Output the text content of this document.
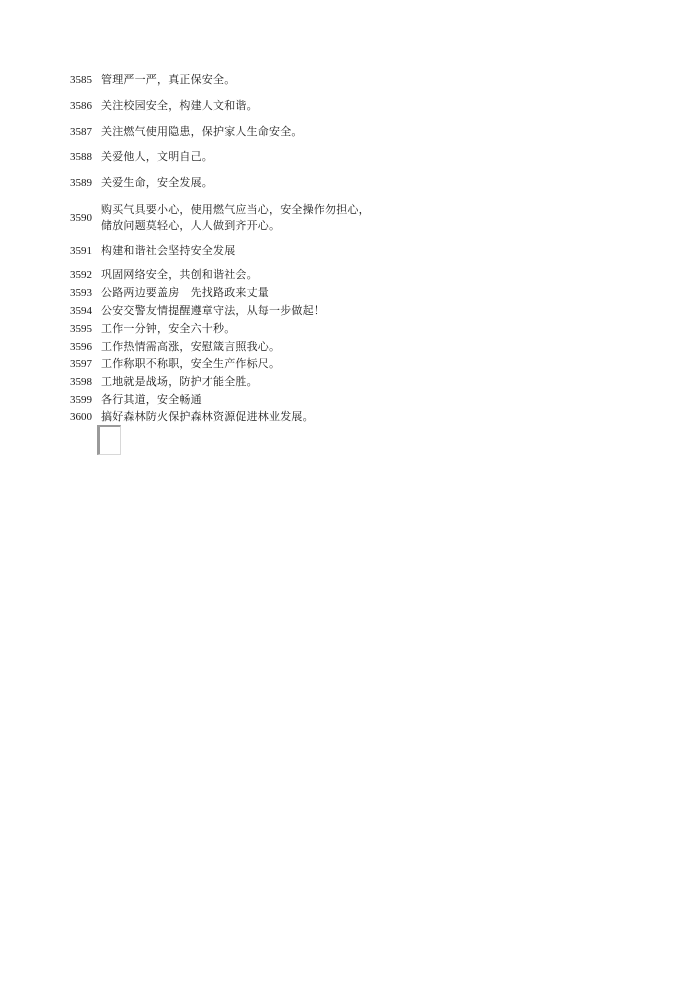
3585 管理严一严，真正保安全。
3586 关注校园安全，构建人文和谐。
3587 关注燃气使用隐患，保护家人生命安全。
3588 关爱他人，文明自己。
3589 关爱生命，安全发展。
3590
购买气具要小心，使用燃气应当心，安全操作勿担心，储放问题莫轻心，人人做到齐开心。
3591 构建和谐社会坚持安全发展
3592 巩固网络安全，共创和谐社会。
3593 公路两边要盖房　先找路政来丈量
3594 公安交警友情提醒遵章守法，从每一步做起！
3595 工作一分钟，安全六十秒。
3596 工作热情需高涨，安慰箴言照我心。
3597 工作称职不称职，安全生产作标尺。
3598 工地就是战场，防护才能全胜。
3599 各行其道，安全畅通
3600 搞好森林防火保护森林资源促进林业发展。
